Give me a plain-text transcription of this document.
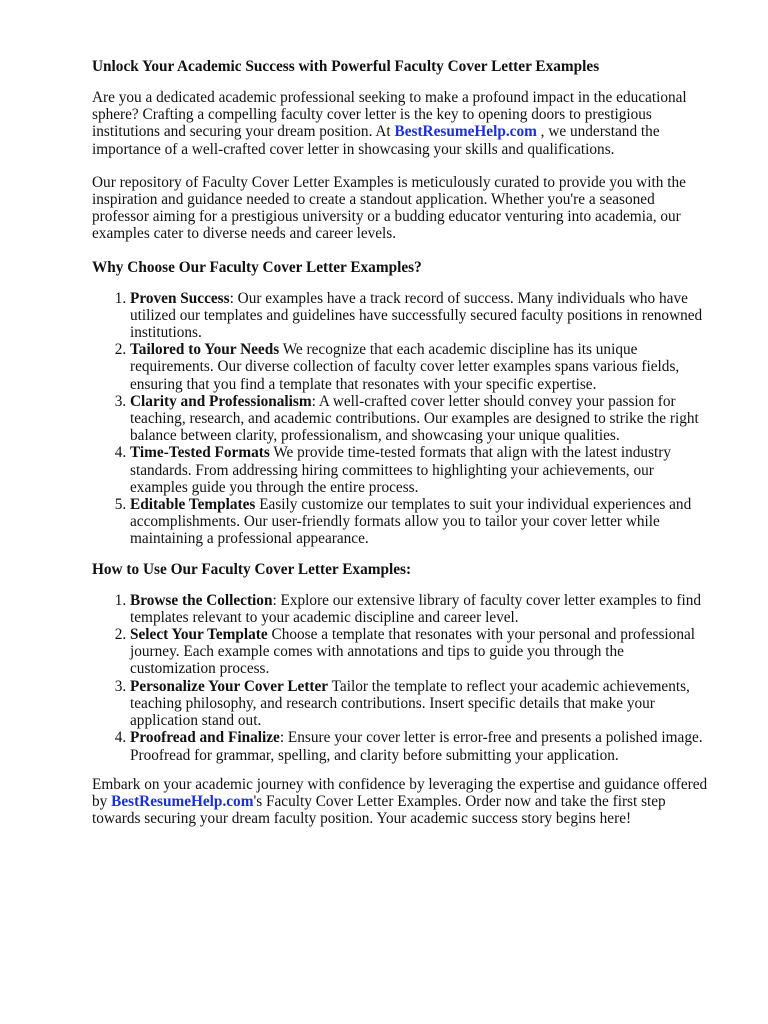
Unlock Your Academic Success with Powerful Faculty Cover Letter Examples

Are you a dedicated academic professional seeking to make a profound impact in the educational sphere? Crafting a compelling faculty cover letter is the key to opening doors to prestigious institutions and securing your dream position. At BestResumeHelp.com , we understand the importance of a well-crafted cover letter in showcasing your skills and qualifications.

Our repository of Faculty Cover Letter Examples is meticulously curated to provide you with the inspiration and guidance needed to create a standout application. Whether you're a seasoned professor aiming for a prestigious university or a budding educator venturing into academia, our examples cater to diverse needs and career levels.

Why Choose Our Faculty Cover Letter Examples?
1. Proven Success: Our examples have a track record of success. Many individuals who have utilized our templates and guidelines have successfully secured faculty positions in renowned institutions.
2. Tailored to Your Needs We recognize that each academic discipline has its unique requirements. Our diverse collection of faculty cover letter examples spans various fields, ensuring that you find a template that resonates with your specific expertise.
3. Clarity and Professionalism: A well-crafted cover letter should convey your passion for teaching, research, and academic contributions. Our examples are designed to strike the right balance between clarity, professionalism, and showcasing your unique qualities.
4. Time-Tested Formats We provide time-tested formats that align with the latest industry standards. From addressing hiring committees to highlighting your achievements, our examples guide you through the entire process.
5. Editable Templates Easily customize our templates to suit your individual experiences and accomplishments. Our user-friendly formats allow you to tailor your cover letter while maintaining a professional appearance.
How to Use Our Faculty Cover Letter Examples:
1. Browse the Collection: Explore our extensive library of faculty cover letter examples to find templates relevant to your academic discipline and career level.
2. Select Your Template Choose a template that resonates with your personal and professional journey. Each example comes with annotations and tips to guide you through the customization process.
3. Personalize Your Cover Letter Tailor the template to reflect your academic achievements, teaching philosophy, and research contributions. Insert specific details that make your application stand out.
4. Proofread and Finalize: Ensure your cover letter is error-free and presents a polished image. Proofread for grammar, spelling, and clarity before submitting your application.

Embark on your academic journey with confidence by leveraging the expertise and guidance offered by BestResumeHelp.com's Faculty Cover Letter Examples. Order now and take the first step towards securing your dream faculty position. Your academic success story begins here!
